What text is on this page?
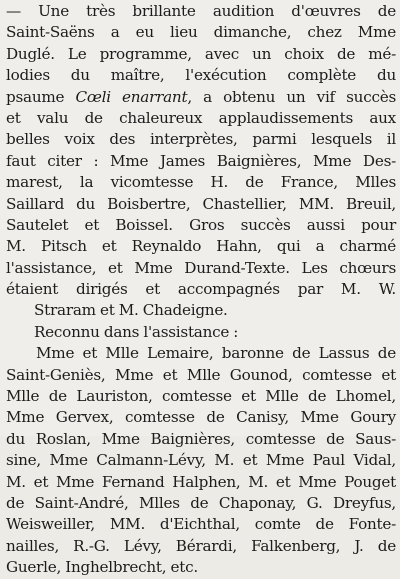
— Une très brillante audition d'œuvres de
Saint-Saëns a eu lieu dimanche, chez Mme
Duglé. Le programme, avec un choix de mé-
lodies du maître, l'exécution complète du
psaume Cœli enarrant, a obtenu un vif succès
et valu de chaleureux applaudissements aux
belles voix des interprètes, parmi lesquels il
faut citer : Mme James Baignières, Mme Des-
marest, la vicomtesse H. de France, Mlles
Saillard du Boisbertre, Chastellier, MM. Breuil,
Sautelet et Boissel. Gros succès aussi pour
M. Pitsch et Reynaldo Hahn, qui a charmé
l'assistance, et Mme Durand-Texte. Les chœurs
étaient dirigés et accompagnés par M. W.
Straram et M. Chadeigne.
Reconnu dans l'assistance :
Mme et Mlle Lemaire, baronne de Lassus de
Saint-Geniès, Mme et Mlle Gounod, comtesse et
Mlle de Lauriston, comtesse et Mlle de Lhomel,
Mme Gervex, comtesse de Canisy, Mme Goury
du Roslan, Mme Baignières, comtesse de Saus-
sine, Mme Calmann-Lévy, M. et Mme Paul Vidal,
M. et Mme Fernand Halphen, M. et Mme Pouget
de Saint-André, Mlles de Chaponay, G. Dreyfus,
Weisweiller, MM. d'Eichthal, comte de Fonte-
nailles, R.-G. Lévy, Bérardi, Falkenberg, J. de
Guerle, Inghelbrecht, etc.
